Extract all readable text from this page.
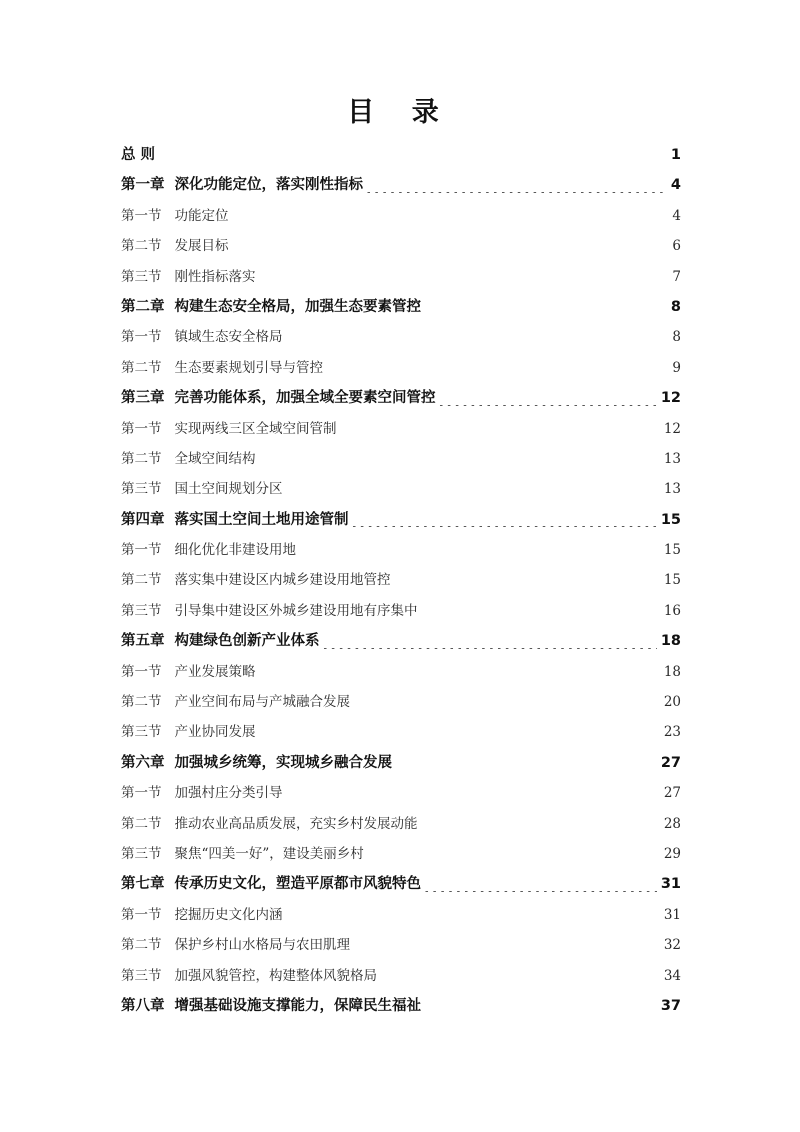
目 录
总 则 .....	1
第一章 深化功能定位，落实刚性指标 .....	4
第一节 功能定位 .....	4
第二节 发展目标 .....	6
第三节 刚性指标落实 .....	7
第二章 构建生态安全格局，加强生态要素管控 .....	8
第一节 镇域生态安全格局 .....	8
第二节 生态要素规划引导与管控 .....	9
第三章 完善功能体系，加强全域全要素空间管控 .....	12
第一节 实现两线三区全域空间管制 .....	12
第二节 全域空间结构 .....	13
第三节 国土空间规划分区 .....	13
第四章 落实国土空间土地用途管制 .....	15
第一节 细化优化非建设用地 .....	15
第二节 落实集中建设区内城乡建设用地管控 .....	15
第三节 引导集中建设区外城乡建设用地有序集中 .....	16
第五章 构建绿色创新产业体系 .....	18
第一节 产业发展策略 .....	18
第二节 产业空间布局与产城融合发展 .....	20
第三节 产业协同发展 .....	23
第六章 加强城乡统筹，实现城乡融合发展 .....	27
第一节 加强村庄分类引导 .....	27
第二节 推动农业高品质发展，充实乡村发展动能 .....	28
第三节 聚焦“四美一好”，建设美丽乡村 .....	29
第七章 传承历史文化，塑造平原都市风貌特色 .....	31
第一节 挖掘历史文化内涵 .....	31
第二节 保护乡村山水格局与农田肌理 .....	32
第三节 加强风貌管控，构建整体风貌格局 .....	34
第八章 增强基础设施支撑能力，保障民生福祉 .....	37
